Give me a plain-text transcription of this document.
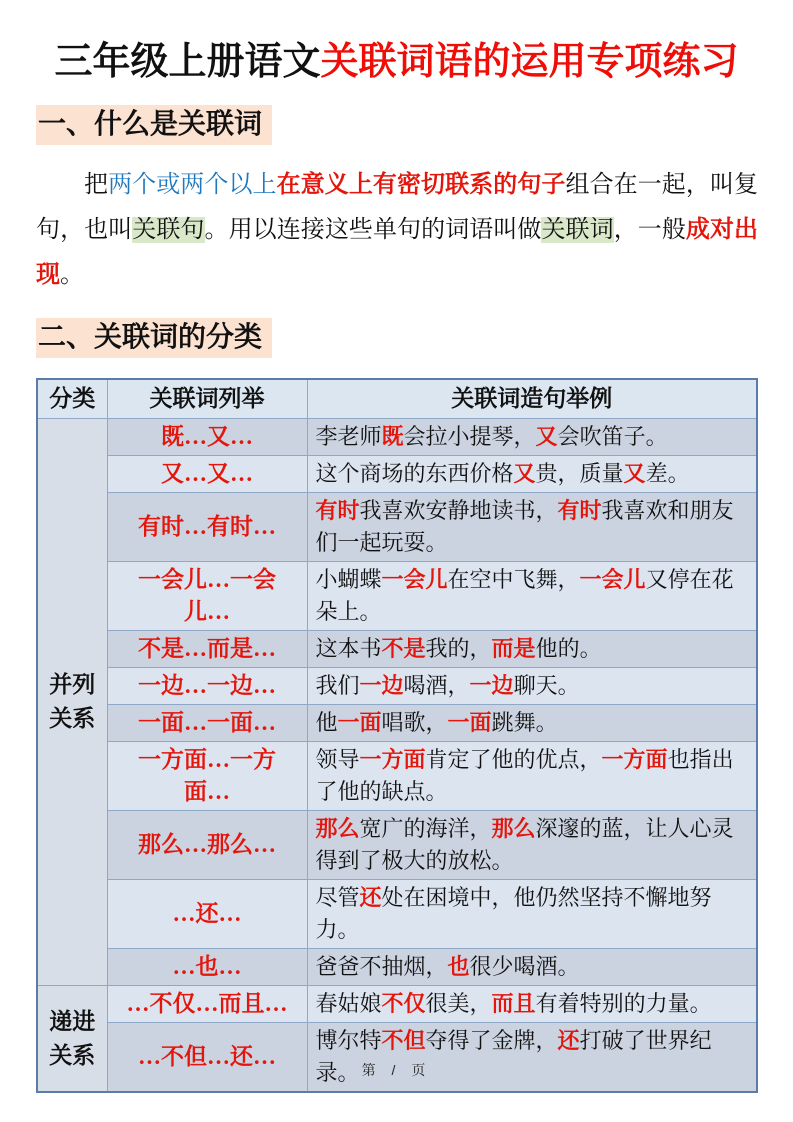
三年级上册语文关联词语的运用专项练习
一、什么是关联词

把两个或两个以上在意义上有密切联系的句子组合在一起，叫复句，也叫关联句。用以连接这些单句的词语叫做关联词，一般成对出现。

二、关联词的分类
分类	关联词列举	关联词造句举例
并列关系	既…又…	李老师既会拉小提琴，又会吹笛子。
	又…又…	这个商场的东西价格又贵，质量又差。
	有时…有时…	有时我喜欢安静地读书，有时我喜欢和朋友们一起玩耍。
	一会儿…一会儿…	小蝴蝶一会儿在空中飞舞，一会儿又停在花朵上。
	不是…而是…	这本书不是我的，而是他的。
	一边…一边…	我们一边喝酒，一边聊天。
	一面…一面…	他一面唱歌，一面跳舞。
	一方面…一方面…	领导一方面肯定了他的优点，一方面也指出了他的缺点。
	那么…那么…	那么宽广的海洋，那么深邃的蓝，让人心灵得到了极大的放松。
	…还…	尽管还处在困境中，他仍然坚持不懈地努力。
	…也…	爸爸不抽烟，也很少喝酒。
递进关系	…不仅…而且…	春姑娘不仅很美，而且有着特别的力量。
	…不但…还…	博尔特不但夺得了金牌，还打破了世界纪录。 第 / 页
